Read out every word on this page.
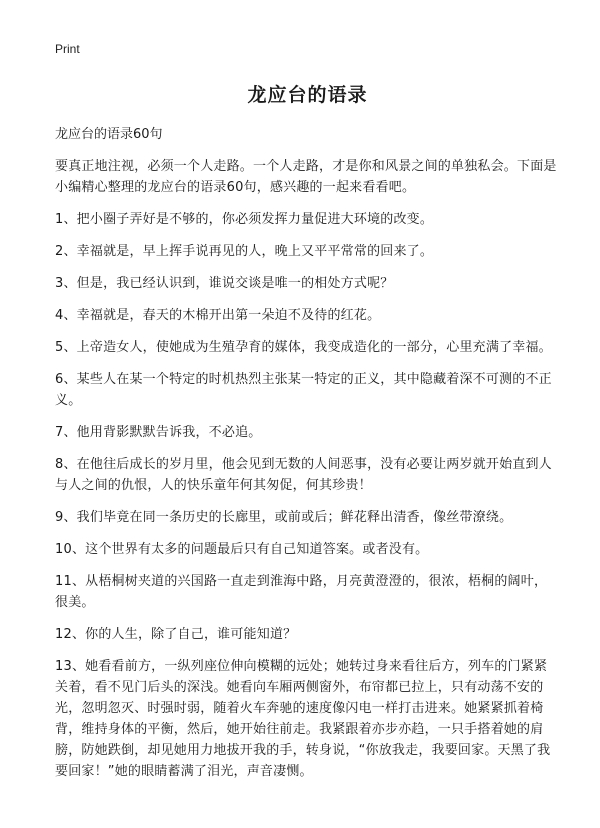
Print
龙应台的语录
龙应台的语录60句

要真正地注视，必须一个人走路。一个人走路，才是你和风景之间的单独私会。下面是小编精心整理的龙应台的语录60句，感兴趣的一起来看看吧。

1、把小圈子弄好是不够的，你必须发挥力量促进大环境的改变。

2、幸福就是，早上挥手说再见的人，晚上又平平常常的回来了。

3、但是，我已经认识到，谁说交谈是唯一的相处方式呢？

4、幸福就是，春天的木棉开出第一朵迫不及待的红花。

5、上帝造女人，使她成为生殖孕育的媒体，我变成造化的一部分，心里充满了幸福。

6、某些人在某一个特定的时机热烈主张某一特定的正义，其中隐藏着深不可测的不正义。

7、他用背影默默告诉我，不必追。

8、在他往后成长的岁月里，他会见到无数的人间恶事，没有必要让两岁就开始直到人与人之间的仇恨，人的快乐童年何其匆促，何其珍贵！

9、我们毕竟在同一条历史的长廊里，或前或后；鲜花释出清香，像丝带潦绕。

10、这个世界有太多的问题最后只有自己知道答案。或者没有。

11、从梧桐树夹道的兴国路一直走到淮海中路，月亮黄澄澄的，很浓，梧桐的阔叶，很美。

12、你的人生，除了自己，谁可能知道？

13、她看看前方，一纵列座位伸向模糊的远处；她转过身来看往后方，列车的门紧紧关着，看不见门后头的深浅。她看向车厢两侧窗外，布帘都已拉上，只有动荡不安的光，忽明忽灭、时强时弱，随着火车奔驰的速度像闪电一样打击进来。她紧紧抓着椅背，维持身体的平衡，然后，她开始往前走。我紧跟着亦步亦趋，一只手搭着她的肩膀，防她跌倒，却见她用力地拔开我的手，转身说，“你放我走，我要回家。天黑了我要回家！”她的眼睛蓄满了泪光，声音凄恻。
